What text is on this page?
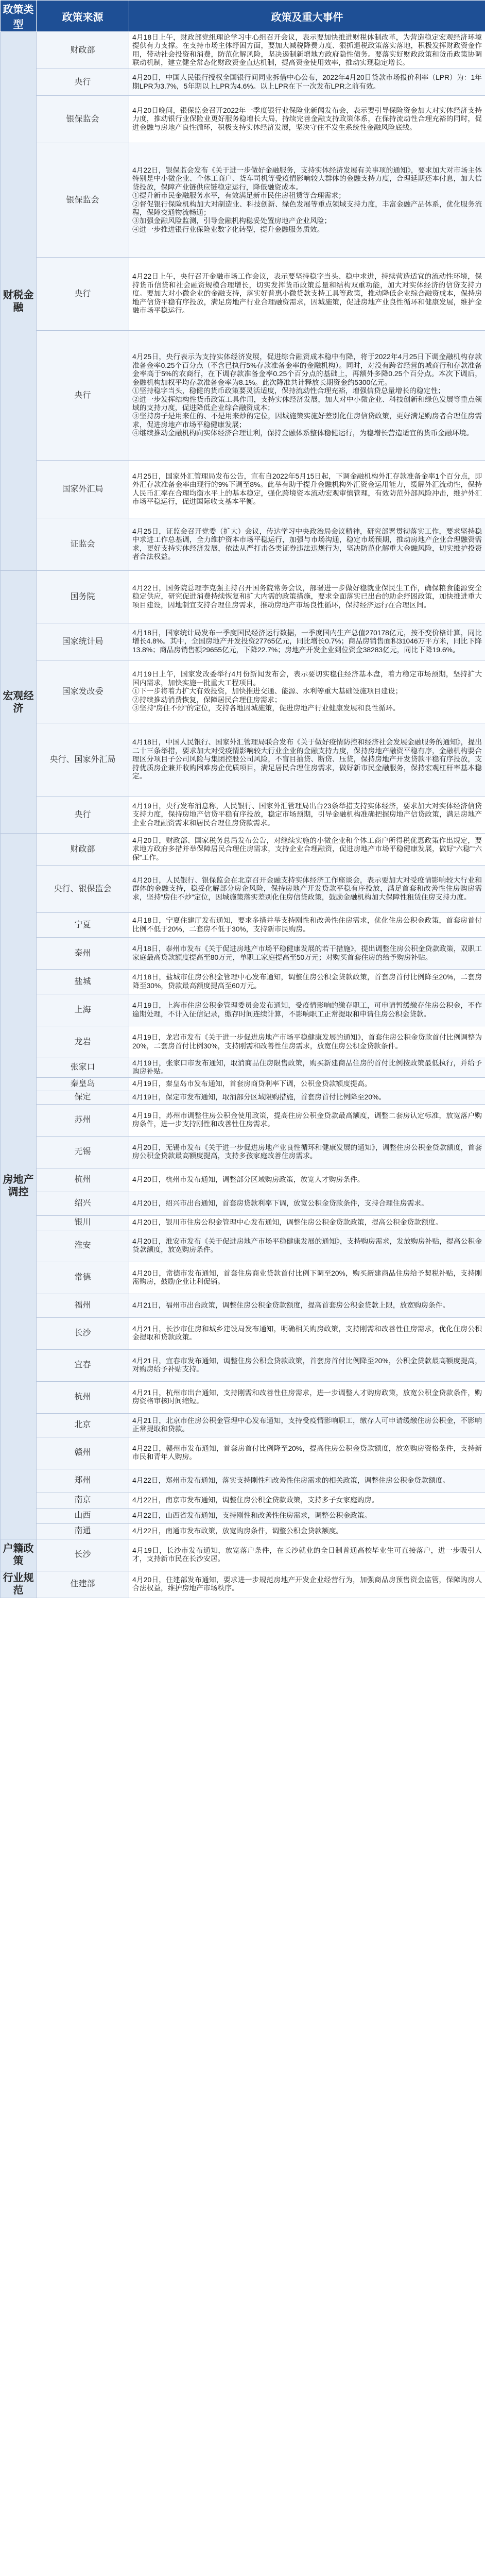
政策类型	政策来源	政策及重大事件
财税金融	财政部	4月18日上午，财政部党组理论学习中心组召开会议，表示要加快推进财税体制改革，为营造稳定宏观经济环境提供有力支撑。在支持市场主体纾困方面，要加大减税降费力度、狠抓退税政策落实落地，积极发挥财政资金作用，带动社会投资和消费，防范化解风险，坚决遏制新增地方政府隐性债务。要落实好财政政策和货币政策协调联动机制，建立健全常态化财政资金直达机制，提高资金使用效率，推动实现稳定增长。
	央行	4月20日，中国人民银行授权全国银行间同业拆借中心公布，2022年4月20日贷款市场报价利率（LPR）为：1年期LPR为3.7%，5年期以上LPR为4.6%。以上LPR在下一次发布LPR之前有效。
	银保监会	4月20日晚间，银保监会召开2022年一季度银行业保险业新闻发布会，表示要引导保险资金加大对实体经济支持力度，推动银行业保险业更好服务稳增长大局，持续完善金融支持政策体系，在保持流动性合理充裕的同时，促进金融与房地产良性循环，积极支持实体经济发展，坚决守住不发生系统性金融风险底线。
	银保监会	4月22日，银保监会发布《关于进一步做好金融服务，支持实体经济发展有关事项的通知》，要求加大对市场主体特别是中小微企业、个体工商户、货车司机等受疫情影响较大群体的金融支持力度，合理延期还本付息，加大信贷投放，保障产业链供应链稳定运行，降低融资成本。
①提升新市民金融服务水平，有效满足新市民住房租赁等合理需求；
②督促银行保险机构加大对制造业、科技创新、绿色发展等重点领域支持力度，丰富金融产品体系，优化服务流程，保障交通物流畅通；
③加强金融风险监测，引导金融机构稳妥处置房地产企业风险；
④进一步推进银行业保险业数字化转型，提升金融服务质效。
	央行	4月22日上午，央行召开金融市场工作会议，表示要坚持稳字当头、稳中求进，持续营造适宜的流动性环境，保持货币信贷和社会融资规模合理增长，切实发挥货币政策总量和结构双重功能，加大对实体经济的信贷支持力度。要加大对小微企业的金融支持，落实好普惠小微贷款支持工具等政策，推动降低企业综合融资成本，保持房地产信贷平稳有序投放，满足房地产行业合理融资需求，因城施策，促进房地产业良性循环和健康发展，维护金融市场平稳运行。
	央行	4月25日，央行表示为支持实体经济发展，促进综合融资成本稳中有降，将于2022年4月25日下调金融机构存款准备金率0.25个百分点（不含已执行5%存款准备金率的金融机构）。同时，对没有跨省经营的城商行和存款准备金率高于5%的农商行，在下调存款准备金率0.25个百分点的基础上，再额外多降0.25个百分点。本次下调后，金融机构加权平均存款准备金率为8.1%。此次降准共计释放长期资金约5300亿元。
①坚持稳字当头，稳健的货币政策要灵活适度，保持流动性合理充裕，增强信贷总量增长的稳定性；
②进一步发挥结构性货币政策工具作用，支持实体经济发展，加大对中小微企业、科技创新和绿色发展等重点领域的支持力度，促进降低企业综合融资成本；
③坚持房子是用来住的、不是用来炒的定位，因城施策实施好差别化住房信贷政策，更好满足购房者合理住房需求，促进房地产市场平稳健康发展；
④继续推动金融机构向实体经济合理让利，保持金融体系整体稳健运行，为稳增长营造适宜的货币金融环境。
	国家外汇局	4月25日，国家外汇管理局发布公告，宣布自2022年5月15日起，下调金融机构外汇存款准备金率1个百分点，即外汇存款准备金率由现行的9%下调至8%。此举有助于提升金融机构外汇资金运用能力，缓解外汇流动性，保持人民币汇率在合理均衡水平上的基本稳定，强化跨境资本流动宏观审慎管理，有效防范外部风险冲击，维护外汇市场平稳运行，促进国际收支基本平衡。
	证监会	4月25日，证监会召开党委（扩大）会议，传达学习中央政治局会议精神，研究部署贯彻落实工作，要求坚持稳中求进工作总基调，全力维护资本市场平稳运行，加强与市场沟通，稳定市场预期，推动房地产企业合理融资需求，更好支持实体经济发展，依法从严打击各类证券违法违规行为，坚决防范化解重大金融风险，切实维护投资者合法权益。
宏观经济	国务院	4月22日，国务院总理李克强主持召开国务院常务会议，部署进一步做好稳就业保民生工作，确保粮食能源安全稳定供应，研究促进消费持续恢复和扩大内需的政策措施，要求全面落实已出台的助企纾困政策，加快推进重大项目建设，因地制宜支持合理住房需求，推动房地产市场良性循环，保持经济运行在合理区间。
	国家统计局	4月18日，国家统计局发布一季度国民经济运行数据，一季度国内生产总值270178亿元，按不变价格计算，同比增长4.8%。其中，全国房地产开发投资27765亿元，同比增长0.7%；商品房销售面积31046万平方米，同比下降13.8%；商品房销售额29655亿元，下降22.7%；房地产开发企业到位资金38283亿元，同比下降19.6%。
	国家发改委	4月19日上午，国家发改委举行4月份新闻发布会，表示要切实稳住经济基本盘，着力稳定市场预期，坚持扩大国内需求，加快实施一批重大工程项目。
①下一步将着力扩大有效投资，加快推进交通、能源、水利等重大基础设施项目建设；
②持续推动消费恢复，保障居民合理住房需求；
③坚持“房住不炒”的定位，支持各地因城施策，促进房地产行业健康发展和良性循环。
	央行、国家外汇局	4月18日，中国人民银行、国家外汇管理局联合发布《关于做好疫情防控和经济社会发展金融服务的通知》，提出二十三条举措，要求加大对受疫情影响较大行业企业的金融支持力度，保持房地产融资平稳有序，金融机构要合理区分项目子公司风险与集团控股公司风险，不盲目抽贷、断贷、压贷，保持房地产开发贷款平稳有序投放，支持优质房企兼并收购困难房企优质项目，满足居民合理住房需求，做好新市民金融服务，保持宏观杠杆率基本稳定。
	央行	4月19日，央行发布消息称，人民银行、国家外汇管理局出台23条举措支持实体经济，要求加大对实体经济信贷支持力度，保持房地产信贷平稳有序投放，稳定市场预期，引导金融机构准确把握房地产信贷政策，满足房地产企业合理融资需求和居民合理住房贷款需求。
房地产调控	财政部	4月20日，财政部、国家税务总局发布公告，对继续实施的小微企业和个体工商户所得税优惠政策作出规定，要求地方政府多措并举保障居民合理住房需求，支持企业合理融资，促进房地产市场平稳健康发展，做好“六稳”“六保”工作。
	央行、银保监会	4月20日，人民银行、银保监会在北京召开金融支持实体经济工作座谈会，表示要加大对受疫情影响较大行业和群体的金融支持，稳妥化解部分房企风险，保持房地产开发贷款平稳有序投放，满足首套和改善性住房购房需求，坚持“房住不炒”定位，因城施策落实差别化住房信贷政策，鼓励金融机构加大保障性租赁住房支持力度。
	宁夏	4月18日，宁夏住建厅发布通知，要求多措并举支持刚性和改善性住房需求，优化住房公积金政策，首套房首付比例不低于20%，二套房不低于30%，支持新市民购房。
	泰州	4月18日，泰州市发布《关于促进房地产市场平稳健康发展的若干措施》，提出调整住房公积金贷款政策，双职工家庭最高贷款额度提高至80万元，单职工家庭提高至50万元；对购买首套住房的给予购房补贴。
	盐城	4月18日，盐城市住房公积金管理中心发布通知，调整住房公积金贷款政策，首套房首付比例降至20%，二套房降至30%，贷款最高额度提高至60万元。
	上海	4月19日，上海市住房公积金管理委员会发布通知，受疫情影响的缴存职工，可申请暂缓缴存住房公积金，不作逾期处理，不计入征信记录，缴存时间连续计算，不影响职工正常提取和申请住房公积金贷款。
	龙岩	4月19日，龙岩市发布《关于进一步促进房地产市场平稳健康发展的通知》，首套住房公积金贷款首付比例调整为20%，二套房首付比例30%，支持刚需和改善性住房需求，放宽住房公积金贷款条件。
	张家口	4月19日，张家口市发布通知，取消商品住房限售政策，购买新建商品住房的首付比例按政策最低执行，并给予购房补贴。
	秦皇岛	4月19日，秦皇岛市发布通知，首套房商贷利率下调，公积金贷款额度提高。
	保定	4月19日，保定市发布通知，取消部分区域限购措施，首套房首付比例降至20%。
	苏州	4月19日，苏州市调整住房公积金使用政策，提高住房公积金贷款最高额度，调整二套房认定标准，放宽落户购房条件，进一步支持刚性和改善性住房需求。
	无锡	4月20日，无锡市发布《关于进一步促进房地产业良性循环和健康发展的通知》，调整住房公积金贷款额度，首套房公积金贷款最高额度提高，支持多孩家庭改善住房需求。
	杭州	4月20日，杭州市发布通知，调整部分区域购房政策，放宽人才购房条件。
	绍兴	4月20日，绍兴市出台通知，首套房贷款利率下调，放宽公积金贷款条件，支持合理住房需求。
	银川	4月20日，银川市住房公积金管理中心发布通知，调整住房公积金贷款政策，提高公积金贷款额度。
	淮安	4月20日，淮安市发布《关于促进房地产市场平稳健康发展的通知》，支持购房需求，发放购房补贴，提高公积金贷款额度，放宽购房条件。
	常德	4月20日，常德市发布通知，首套住房商业贷款首付比例下调至20%，购买新建商品住房给予契税补贴，支持刚需购房，鼓励企业让利促销。
	福州	4月21日，福州市出台政策，调整住房公积金贷款额度，提高首套房公积金贷款上限，放宽购房条件。
	长沙	4月21日，长沙市住房和城乡建设局发布通知，明确相关购房政策，支持刚需和改善性住房需求，优化住房公积金提取和贷款政策。
	宜春	4月21日，宜春市发布通知，调整住房公积金贷款政策，首套房首付比例降至20%，公积金贷款最高额度提高，对购房给予补贴支持。
	杭州	4月21日，杭州市出台通知，支持刚需和改善性住房需求，进一步调整人才购房政策，放宽公积金贷款条件，购房资格审核时间缩短。
	北京	4月21日，北京市住房公积金管理中心发布通知，支持受疫情影响职工，缴存人可申请缓缴住房公积金，不影响正常提取和贷款。
	赣州	4月22日，赣州市发布通知，首套房首付比例降至20%，提高住房公积金贷款额度，放宽购房资格条件，支持新市民和青年人购房。
	郑州	4月22日，郑州市发布通知，落实支持刚性和改善性住房需求的相关政策，调整住房公积金贷款额度。
	南京	4月22日，南京市发布通知，调整住房公积金贷款政策，支持多子女家庭购房。
	山西	4月22日，山西省发布通知，支持刚性和改善性住房需求，调整公积金政策。
	南通	4月22日，南通市发布政策，放宽购房条件，调整公积金贷款额度。
户籍政策	长沙	4月19日，长沙市发布通知，放宽落户条件，在长沙就业的全日制普通高校毕业生可直接落户，进一步吸引人才，支持新市民在长沙安居。
行业规范	住建部	4月20日，住建部发布通知，要求进一步规范房地产开发企业经营行为，加强商品房预售资金监管，保障购房人合法权益，维护房地产市场秩序。
